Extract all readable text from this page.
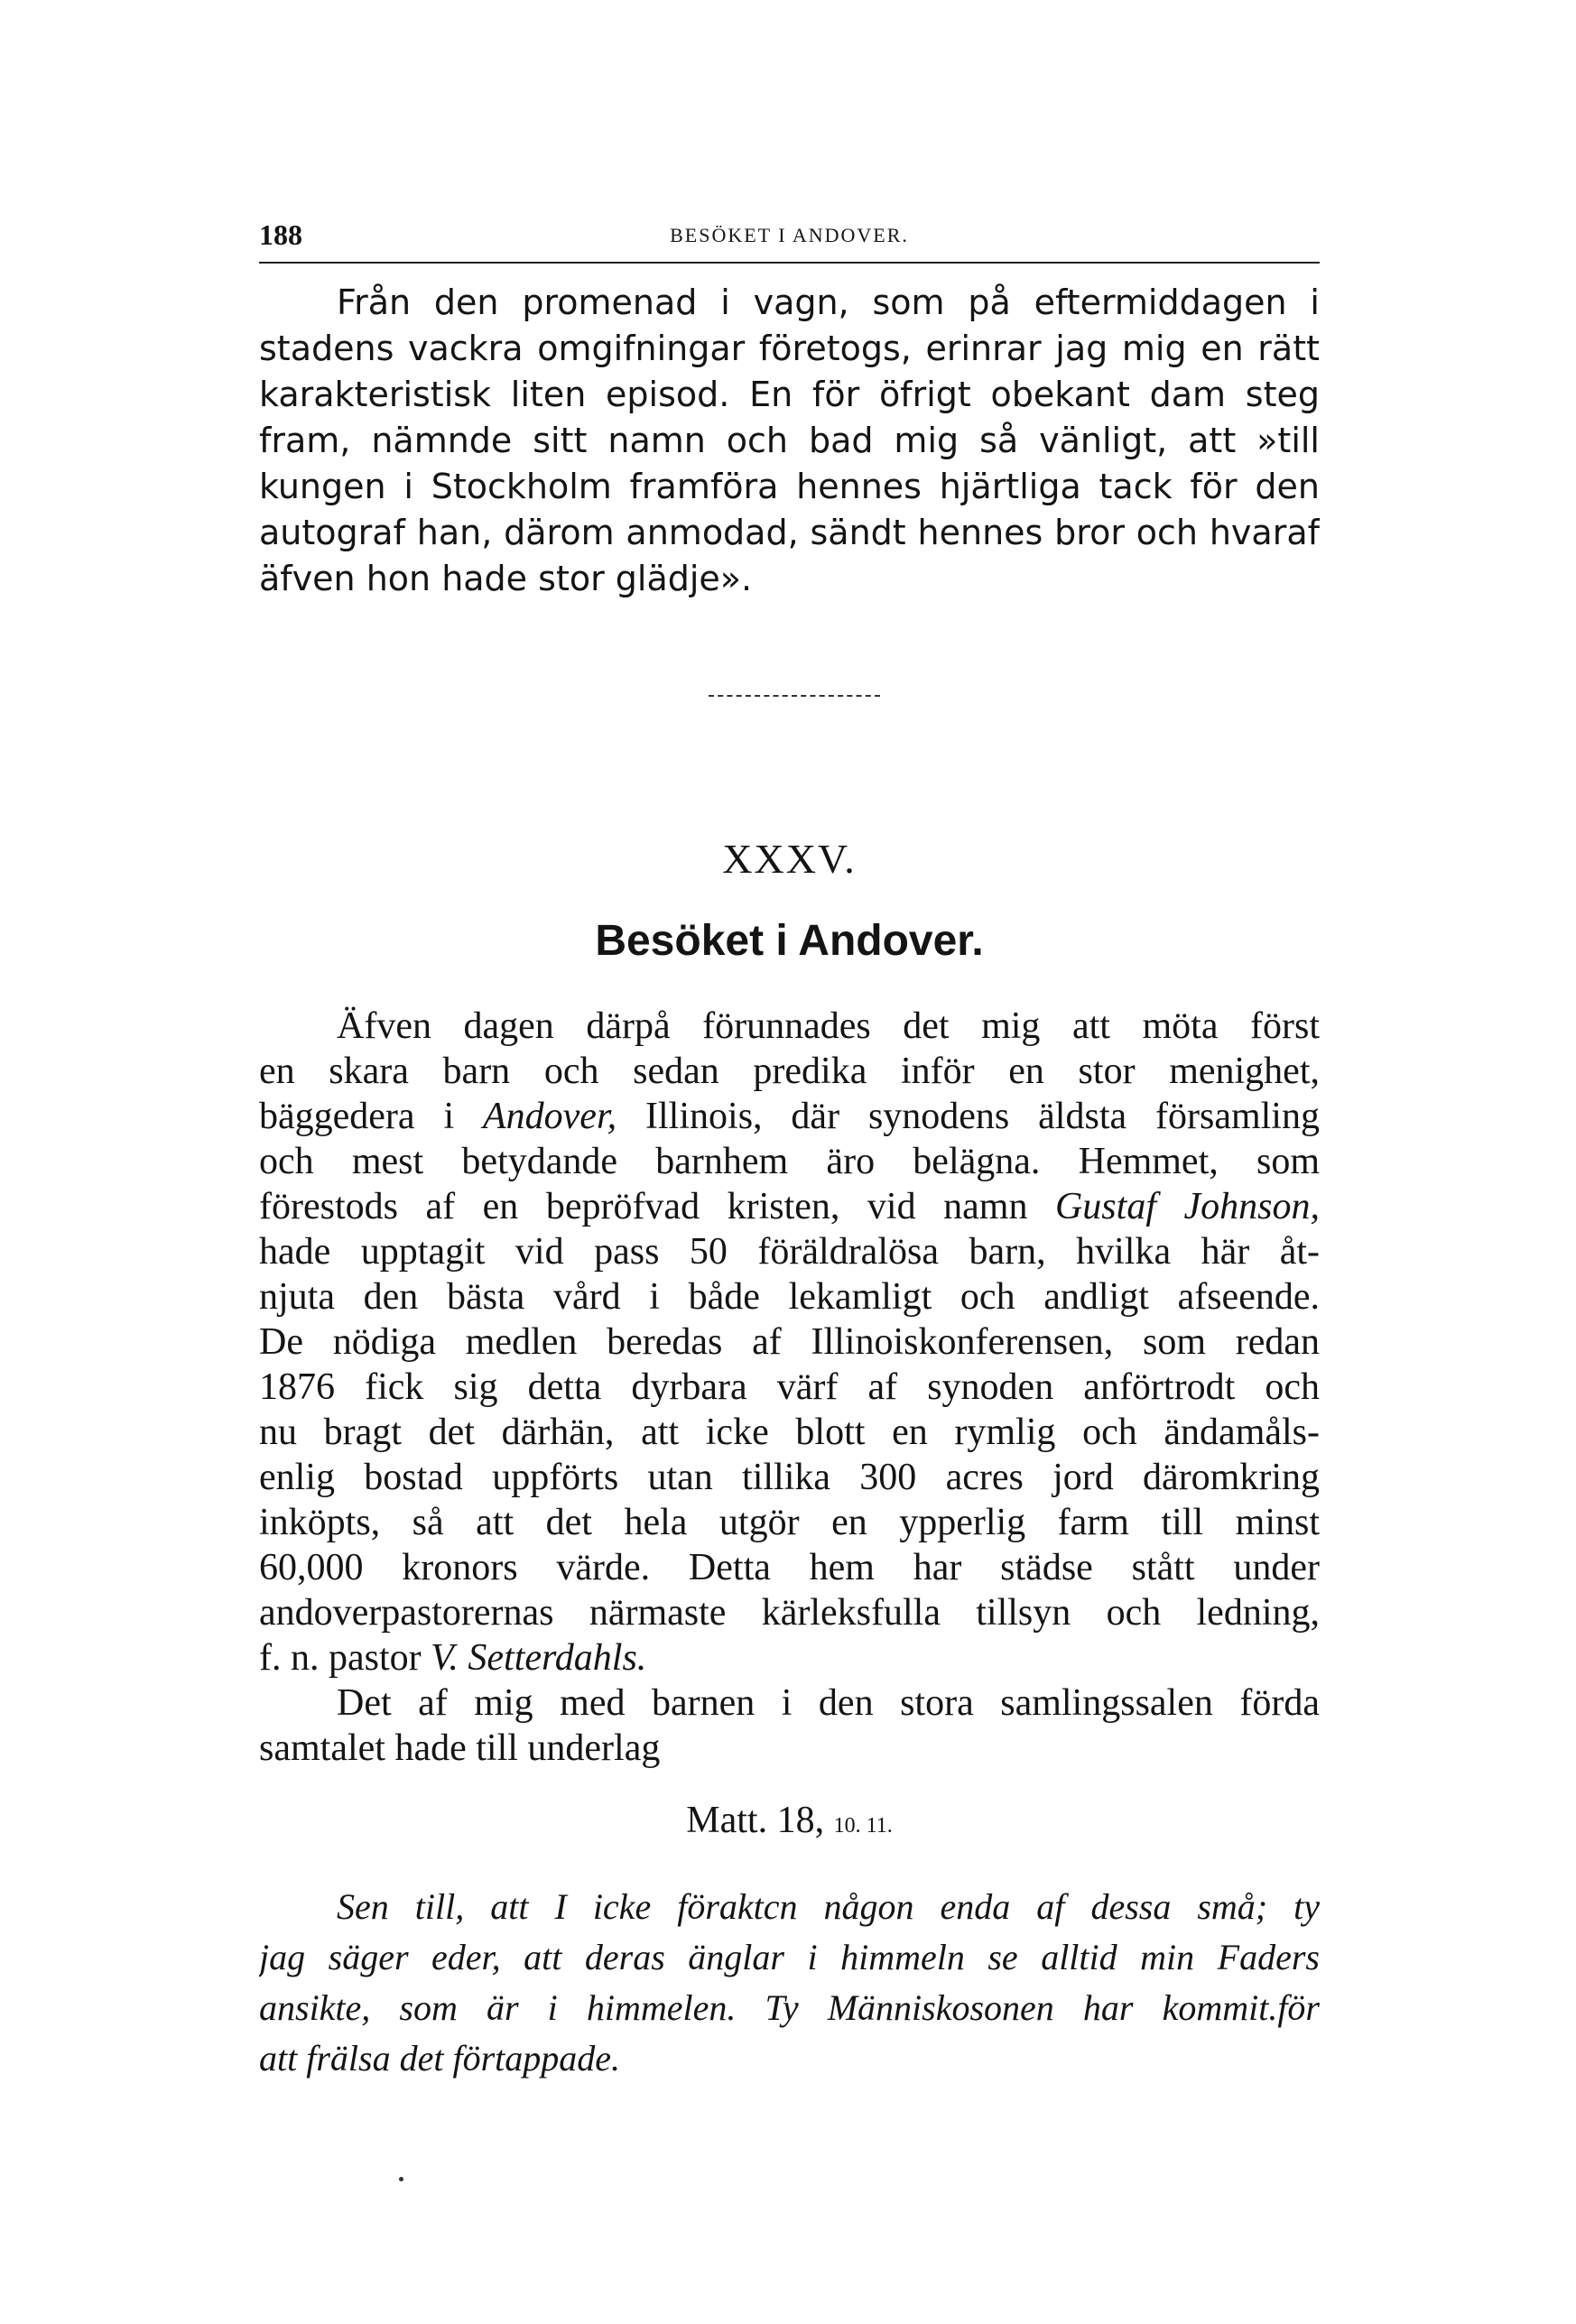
188	BESÖKET I ANDOVER.
Från den promenad i vagn, som på eftermiddagen i
stadens vackra omgifningar företogs, erinrar jag mig en rätt
karakteristisk liten episod. En för öfrigt obekant dam steg
fram, nämnde sitt namn och bad mig så vänligt, att »till
kungen i Stockholm framföra hennes hjärtliga tack för den
autograf han, därom anmodad, sändt hennes bror och hvaraf
äfven hon hade stor glädje».
XXXV.
Besöket i Andover.
Äfven dagen därpå förunnades det mig att möta först
en skara barn och sedan predika inför en stor menighet,
bäggedera i Andover, Illinois, där synodens äldsta församling
och mest betydande barnhem äro belägna. Hemmet, som
förestods af en bepröfvad kristen, vid namn Gustaf Johnson,
hade upptagit vid pass 50 föräldralösa barn, hvilka här åt-
njuta den bästa vård i både lekamligt och andligt afseende.
De nödiga medlen beredas af Illinoiskonferensen, som redan
1876 fick sig detta dyrbara värf af synoden anförtrodt och
nu bragt det därhän, att icke blott en rymlig och ändamåls-
enlig bostad uppförts utan tillika 300 acres jord däromkring
inköpts, så att det hela utgör en ypperlig farm till minst
60,000 kronors värde. Detta hem har städse stått under
andoverpastorernas närmaste kärleksfulla tillsyn och ledning,
f. n. pastor V. Setterdahls.
Det af mig med barnen i den stora samlingssalen förda
samtalet hade till underlag
Matt. 18, 10. 11.
Sen till, att I icke föraktcn någon enda af dessa små; ty
jag säger eder, att deras änglar i himmeln se alltid min Faders
ansikte, som är i himmelen. Ty Människosonen har kommit.för
att frälsa det förtappade.
